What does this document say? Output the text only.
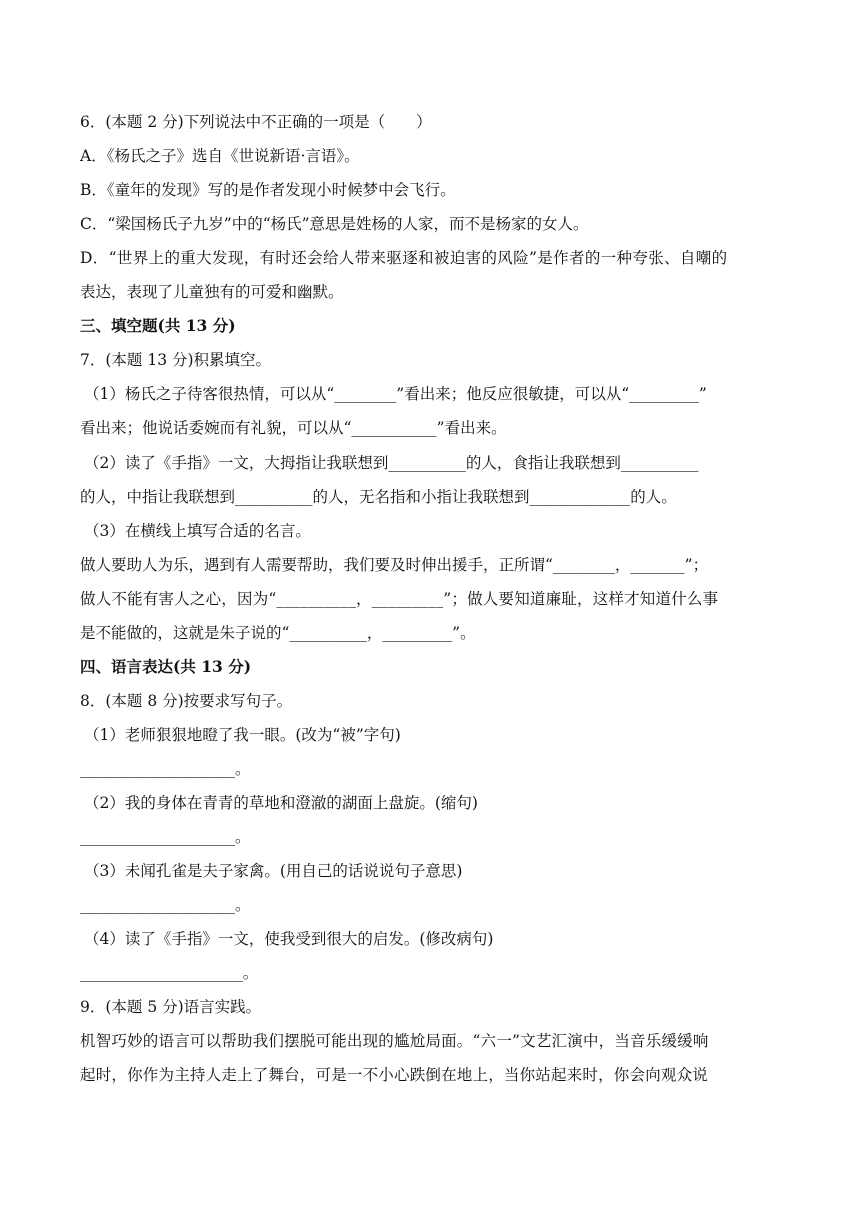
6．(本题 2 分)下列说法中不正确的一项是（　　）
A．《杨氏之子》选自《世说新语·言语》。
B．《童年的发现》写的是作者发现小时候梦中会飞行。
C．“梁国杨氏子九岁”中的“杨氏”意思是姓杨的人家，而不是杨家的女人。
D．“世界上的重大发现，有时还会给人带来驱逐和被迫害的风险”是作者的一种夸张、自嘲的
表达，表现了儿童独有的可爱和幽默。
三、填空题(共 13 分)
7．(本题 13 分)积累填空。
（1）杨氏之子待客很热情，可以从“________”看出来；他反应很敏捷，可以从“_________”
看出来；他说话委婉而有礼貌，可以从“___________”看出来。
（2）读了《手指》一文，大拇指让我联想到__________的人，食指让我联想到__________
的人，中指让我联想到__________的人，无名指和小指让我联想到_____________的人。
（3）在横线上填写合适的名言。
做人要助人为乐，遇到有人需要帮助，我们要及时伸出援手，正所谓“________，_______”；
做人不能有害人之心，因为“__________，_________”；做人要知道廉耻，这样才知道什么事
是不能做的，这就是朱子说的“__________，_________”。
四、语言表达(共 13 分)
8．(本题 8 分)按要求写句子。
（1）老师狠狠地瞪了我一眼。(改为“被”字句)
____________________。
（2）我的身体在青青的草地和澄澈的湖面上盘旋。(缩句)
____________________。
（3）未闻孔雀是夫子家禽。(用自己的话说说句子意思)
____________________。
（4）读了《手指》一文，使我受到很大的启发。(修改病句)
_____________________。
9．(本题 5 分)语言实践。
机智巧妙的语言可以帮助我们摆脱可能出现的尴尬局面。“六一”文艺汇演中，当音乐缓缓响
起时，你作为主持人走上了舞台，可是一不小心跌倒在地上，当你站起来时，你会向观众说
